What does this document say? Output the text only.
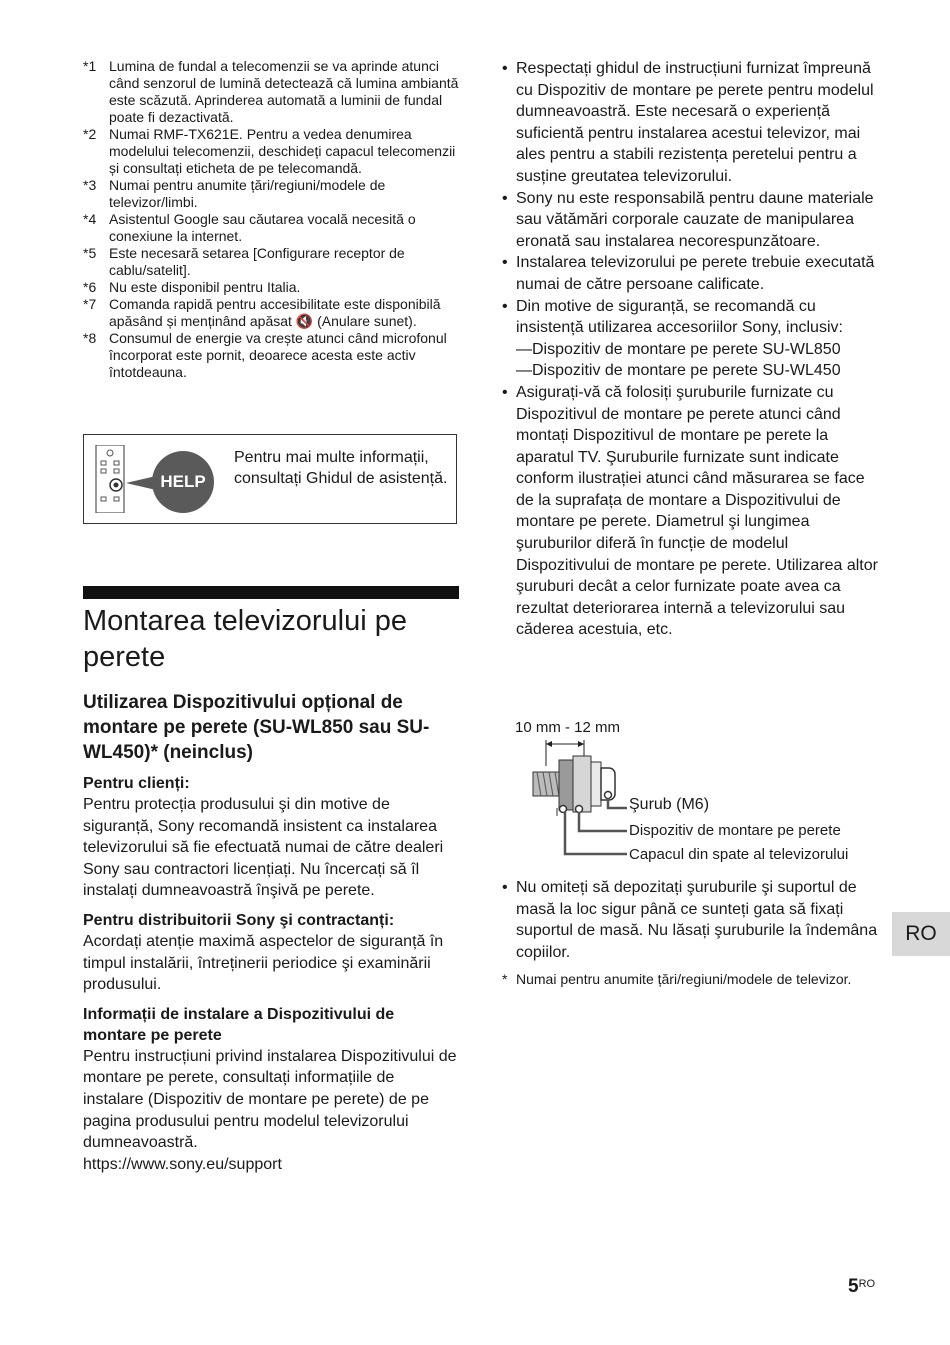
*1 Lumina de fundal a telecomenzii se va aprinde atunci când senzorul de lumină detectează că lumina ambiantă este scăzută. Aprinderea automată a luminii de fundal poate fi dezactivată.
*2 Numai RMF-TX621E. Pentru a vedea denumirea modelului telecomenzii, deschideți capacul telecomenzii și consultați eticheta de pe telecomandă.
*3 Numai pentru anumite țări/regiuni/modele de televizor/limbi.
*4 Asistentul Google sau căutarea vocală necesită o conexiune la internet.
*5 Este necesară setarea [Configurare receptor de cablu/satelit].
*6 Nu este disponibil pentru Italia.
*7 Comanda rapidă pentru accesibilitate este disponibilă apăsând și menținând apăsat 🔇 (Anulare sunet).
*8 Consumul de energie va crește atunci când microfonul încorporat este pornit, deoarece acesta este activ întotdeauna.
HELP
Pentru mai multe informații, consultați Ghidul de asistență.
Montarea televizorului pe perete
Utilizarea Dispozitivului opțional de montare pe perete (SU-WL850 sau SU-WL450)* (neinclus)

Pentru clienți:

Pentru protecția produsului şi din motive de siguranță, Sony recomandă insistent ca instalarea televizorului să fie efectuată numai de către dealeri Sony sau contractori licențiați. Nu încercați să îl instalați dumneavoastră înşivă pe perete.

Pentru distribuitorii Sony şi contractanți:

Acordați atenție maximă aspectelor de siguranță în timpul instalării, întreținerii periodice şi examinării produsului.

Informații de instalare a Dispozitivului de montare pe perete

Pentru instrucțiuni privind instalarea Dispozitivului de montare pe perete, consultați informațiile de instalare (Dispozitiv de montare pe perete) de pe pagina produsului pentru modelul televizorului dumneavoastră.

https://www.sony.eu/support

• Respectați ghidul de instrucțiuni furnizat împreună cu Dispozitiv de montare pe perete pentru modelul dumneavoastră. Este necesară o experiență suficientă pentru instalarea acestui televizor, mai ales pentru a stabili rezistența peretelui pentru a susține greutatea televizorului.
• Sony nu este responsabilă pentru daune materiale sau vătămări corporale cauzate de manipularea eronată sau instalarea necorespunzătoare.
• Instalarea televizorului pe perete trebuie executată numai de către persoane calificate.
• Din motive de siguranță, se recomandă cu insistență utilizarea accesoriilor Sony, inclusiv:
—Dispozitiv de montare pe perete SU-WL850
—Dispozitiv de montare pe perete SU-WL450
• Asigurați-vă că folosiți şuruburile furnizate cu Dispozitivul de montare pe perete atunci când montați Dispozitivul de montare pe perete la aparatul TV. Şuruburile furnizate sunt indicate conform ilustrației atunci când măsurarea se face de la suprafața de montare a Dispozitivului de montare pe perete. Diametrul şi lungimea şuruburilor diferă în funcție de modelul Dispozitivului de montare pe perete. Utilizarea altor şuruburi decât a celor furnizate poate avea ca rezultat deteriorarea internă a televizorului sau căderea acestuia, etc.
10 mm - 12 mm
Şurub (M6)
Dispozitiv de montare pe perete
Capacul din spate al televizorului
• Nu omiteți să depozitați şuruburile şi suportul de masă la loc sigur până ce sunteți gata să fixați suportul de masă. Nu lăsați şuruburile la îndemâna copiilor.
* Numai pentru anumite țări/regiuni/modele de televizor.
RO
$5^{RO}$
